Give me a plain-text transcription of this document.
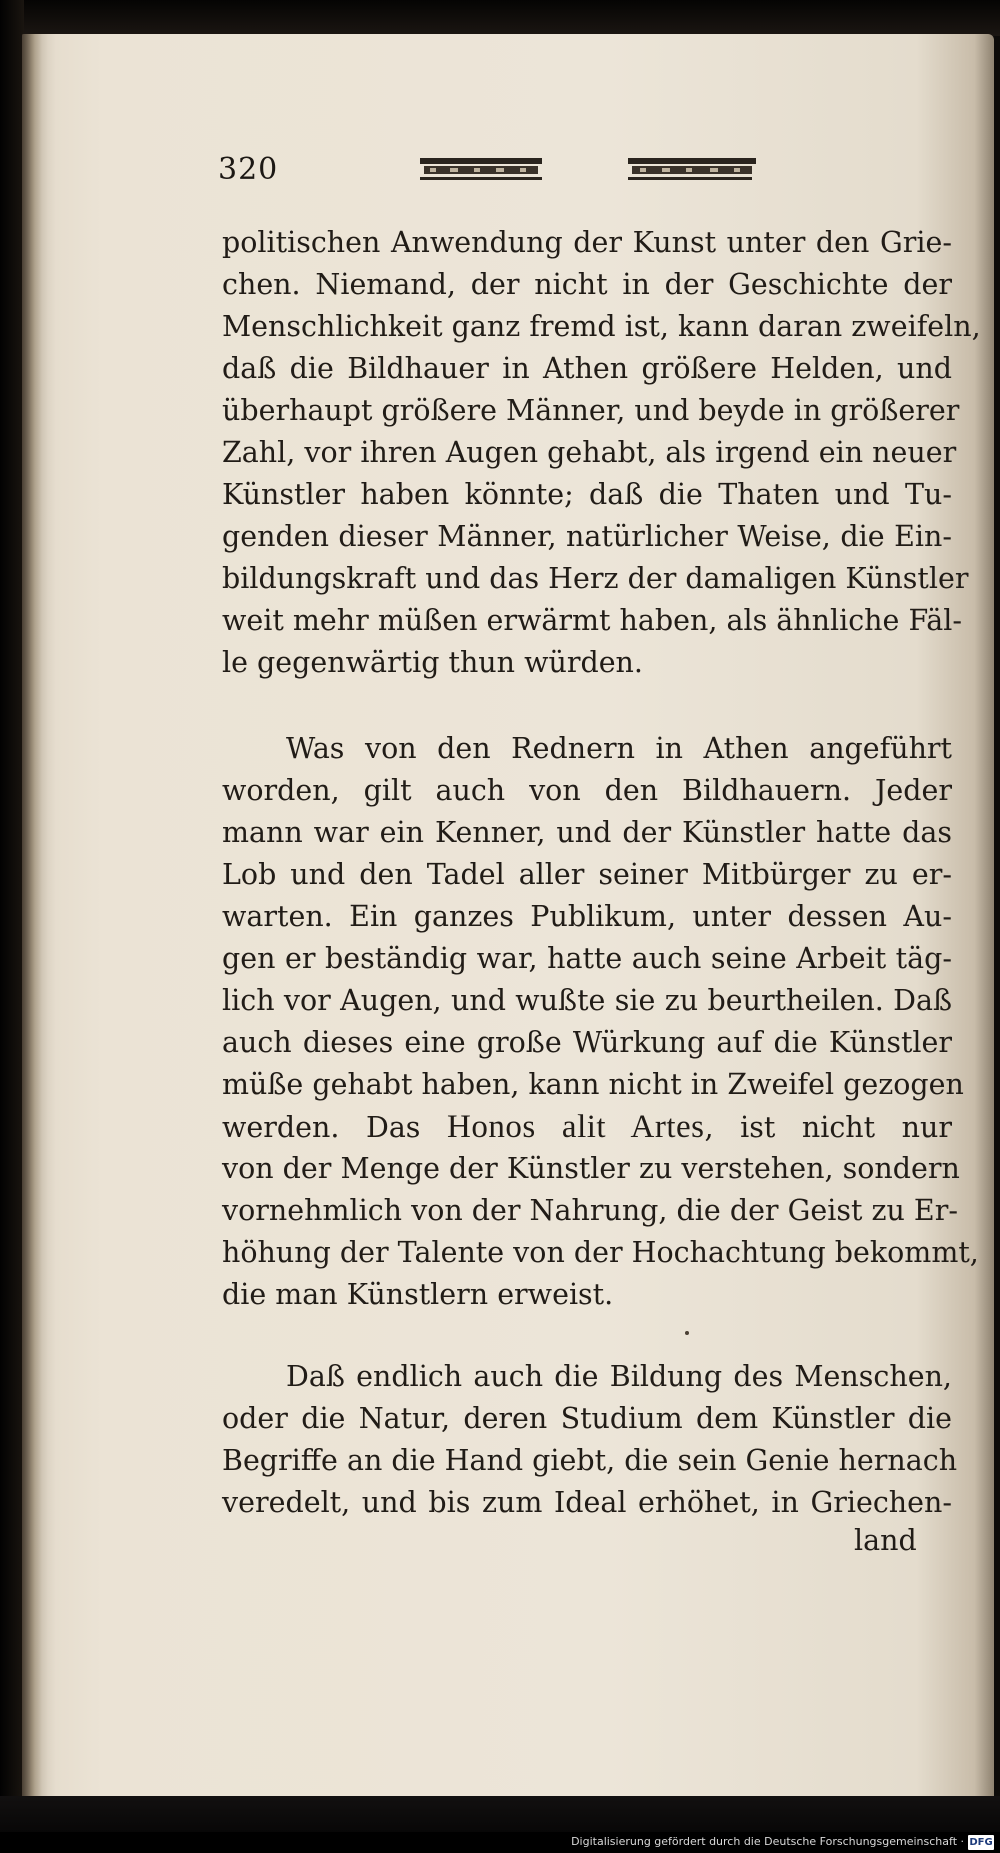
320
politischen Anwendung der Kunst unter den Grie-
chen. Niemand, der nicht in der Geschichte der
Menschlichkeit ganz fremd ist, kann daran zweifeln,
daß die Bildhauer in Athen größere Helden, und
überhaupt größere Männer, und beyde in größerer
Zahl, vor ihren Augen gehabt, als irgend ein neuer
Künstler haben könnte; daß die Thaten und Tu-
genden dieser Männer, natürlicher Weise, die Ein-
bildungskraft und das Herz der damaligen Künstler
weit mehr müßen erwärmt haben, als ähnliche Fäl-
le gegenwärtig thun würden.
Was von den Rednern in Athen angeführt
worden, gilt auch von den Bildhauern. Jeder
mann war ein Kenner, und der Künstler hatte das
Lob und den Tadel aller seiner Mitbürger zu er-
warten. Ein ganzes Publikum, unter dessen Au-
gen er beständig war, hatte auch seine Arbeit täg-
lich vor Augen, und wußte sie zu beurtheilen. Daß
auch dieses eine große Würkung auf die Künstler
müße gehabt haben, kann nicht in Zweifel gezogen
werden. Das Honos alit Artes, ist nicht nur
von der Menge der Künstler zu verstehen, sondern
vornehmlich von der Nahrung, die der Geist zu Er-
höhung der Talente von der Hochachtung bekommt,
die man Künstlern erweist.
Daß endlich auch die Bildung des Menschen,
oder die Natur, deren Studium dem Künstler die
Begriffe an die Hand giebt, die sein Genie hernach
veredelt, und bis zum Ideal erhöhet, in Griechen-
land
Digitalisierung gefördert durch die Deutsche Forschungsgemeinschaft · DFG
